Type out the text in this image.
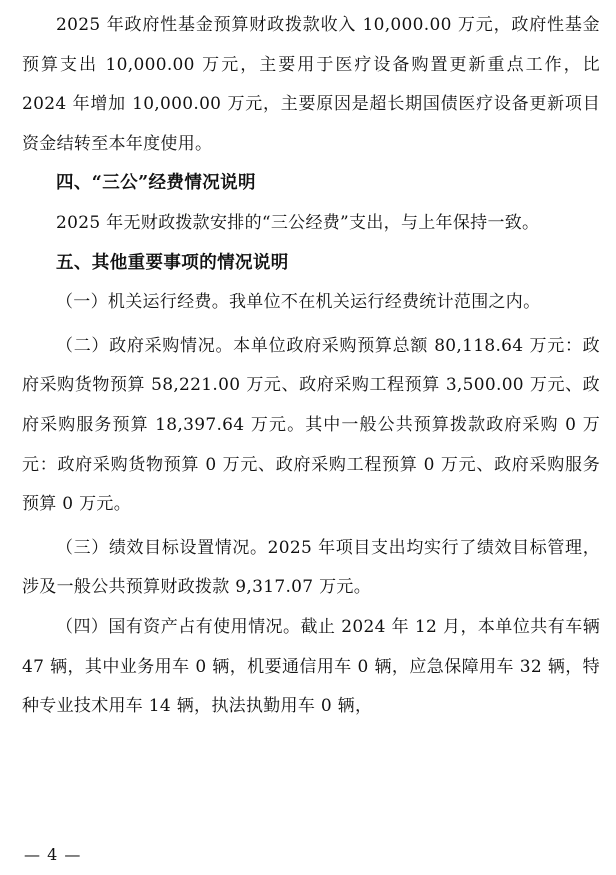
2025 年政府性基金预算财政拨款收入 10,000.00 万元，政府性基金预算支出 10,000.00 万元，主要用于医疗设备购置更新重点工作，比 2024 年增加 10,000.00 万元，主要原因是超长期国债医疗设备更新项目资金结转至本年度使用。

四、“三公”经费情况说明

2025 年无财政拨款安排的“三公经费”支出，与上年保持一致。

五、其他重要事项的情况说明

（一）机关运行经费。我单位不在机关运行经费统计范围之内。

（二）政府采购情况。本单位政府采购预算总额 80,118.64 万元：政府采购货物预算 58,221.00 万元、政府采购工程预算 3,500.00 万元、政府采购服务预算 18,397.64 万元。其中一般公共预算拨款政府采购 0 万元：政府采购货物预算 0 万元、政府采购工程预算 0 万元、政府采购服务预算 0 万元。

（三）绩效目标设置情况。2025 年项目支出均实行了绩效目标管理，涉及一般公共预算财政拨款 9,317.07 万元。

（四）国有资产占有使用情况。截止 2024 年 12 月，本单位共有车辆 47 辆，其中业务用车 0 辆，机要通信用车 0 辆，应急保障用车 32 辆，特种专业技术用车 14 辆，执法执勤用车 0 辆，

— 4 —
